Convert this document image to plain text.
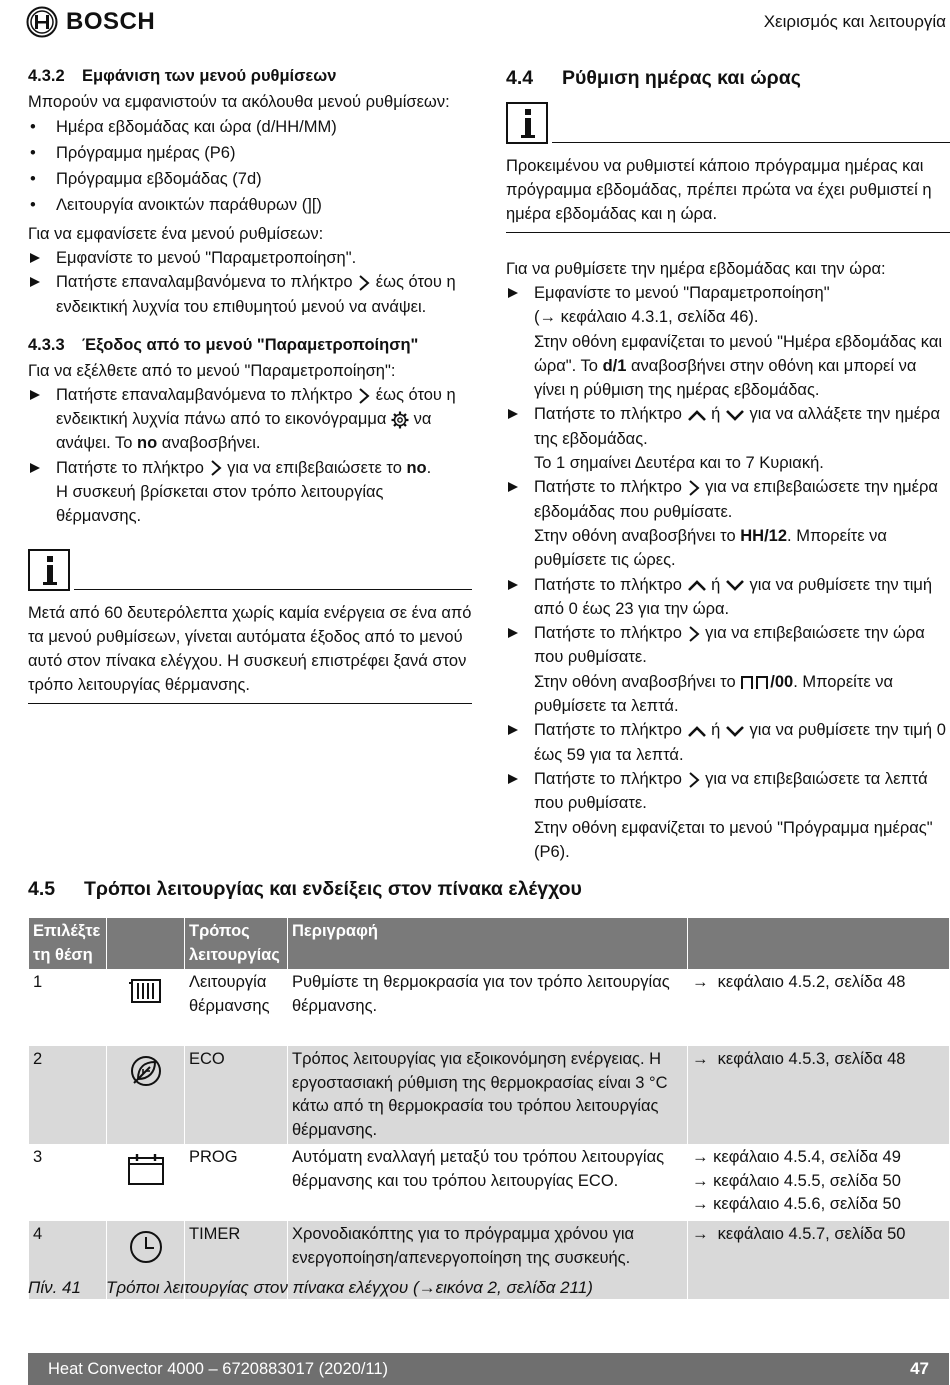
BOSCH	Χειρισμός και λειτουργία
4.3.2 Εμφάνιση των μενού ρυθμίσεων

Μπορούν να εμφανιστούν τα ακόλουθα μενού ρυθμίσεων:

• Ημέρα εβδομάδας και ώρα (d/HH/MM)
• Πρόγραμμα ημέρας (P6)
• Πρόγραμμα εβδομάδας (7d)
• Λειτουργία ανοικτών παράθυρων (][)

Για να εμφανίσετε ένα μενού ρυθμίσεων:

Εμφανίστε το μενού "Παραμετροποίηση".
Πατήστε επαναλαμβανόμενα το πλήκτρο έως ότου η ενδεικτική λυχνία του επιθυμητού μενού να ανάψει.
4.3.3 Έξοδος από το μενού "Παραμετροποίηση"

Για να εξέλθετε από το μενού "Παραμετροποίηση":

Πατήστε επαναλαμβανόμενα το πλήκτρο έως ότου η ενδεικτική λυχνία πάνω από το εικονόγραμμα να ανάψει. Το no αναβοσβήνει.
Πατήστε το πλήκτρο για να επιβεβαιώσετε το no.
Η συσκευή βρίσκεται στον τρόπο λειτουργίας θέρμανσης.

Μετά από 60 δευτερόλεπτα χωρίς καμία ενέργεια σε ένα από τα μενού ρυθμίσεων, γίνεται αυτόματα έξοδος από το μενού αυτό στον πίνακα ελέγχου. Η συσκευή επιστρέφει ξανά στον τρόπο λειτουργίας θέρμανσης.

4.4 Ρύθμιση ημέρας και ώρας

Προκειμένου να ρυθμιστεί κάποιο πρόγραμμα ημέρας και πρόγραμμα εβδομάδας, πρέπει πρώτα να έχει ρυθμιστεί η ημέρα εβδομάδας και η ώρα.

Για να ρυθμίσετε την ημέρα εβδομάδας και την ώρα:

Εμφανίστε το μενού "Παραμετροποίηση"
(→ κεφάλαιο 4.3.1, σελίδα 46).
Στην οθόνη εμφανίζεται το μενού "Ημέρα εβδομάδας και ώρα". Το d/1 αναβοσβήνει στην οθόνη και μπορεί να γίνει η ρύθμιση της ημέρας εβδομάδας.
Πατήστε το πλήκτρο ή για να αλλάξετε την ημέρα της εβδομάδας.
Το 1 σημαίνει Δευτέρα και το 7 Κυριακή.
Πατήστε το πλήκτρο για να επιβεβαιώσετε την ημέρα εβδομάδας που ρυθμίσατε.
Στην οθόνη αναβοσβήνει το HH/12. Μπορείτε να ρυθμίσετε τις ώρες.
Πατήστε το πλήκτρο ή για να ρυθμίσετε την τιμή από 0 έως 23 για την ώρα.
Πατήστε το πλήκτρο για να επιβεβαιώσετε την ώρα που ρυθμίσατε.
Στην οθόνη αναβοσβήνει το /00. Μπορείτε να ρυθμίσετε τα λεπτά.
Πατήστε το πλήκτρο ή για να ρυθμίσετε την τιμή 0 έως 59 για τα λεπτά.
Πατήστε το πλήκτρο για να επιβεβαιώσετε τα λεπτά που ρυθμίσατε.
Στην οθόνη εμφανίζεται το μενού "Πρόγραμμα ημέρας" (P6).
4.5 Τρόποι λειτουργίας και ενδείξεις στον πίνακα ελέγχου
Επιλέξτε τη θέση		Τρόπος λειτουργίας	Περιγραφή	
1		Λειτουργία θέρμανσης	Ρυθμίστε τη θερμοκρασία για τον τρόπο λειτουργίας θέρμανσης.	→ κεφάλαιο 4.5.2, σελίδα 48

2		ECO	Τρόπος λειτουργίας για εξοικονόμηση ενέργειας. Η εργοστασιακή ρύθμιση της θερμοκρασίας είναι 3 °C κάτω από τη θερμοκρασία του τρόπου λειτουργίας θέρμανσης.	→ κεφάλαιο 4.5.3, σελίδα 48

3		PROG	Αυτόματη εναλλαγή μεταξύ του τρόπου λειτουργίας θέρμανσης και του τρόπου λειτουργίας ECO.	→ κεφάλαιο 4.5.4, σελίδα 49
→ κεφάλαιο 4.5.5, σελίδα 50
→ κεφάλαιο 4.5.6, σελίδα 50

4		TIMER	Χρονοδιακόπτης για το πρόγραμμα χρόνου για ενεργοποίηση/απενεργοποίηση της συσκευής.	→ κεφάλαιο 4.5.7, σελίδα 50
Πίν. 41 Τρόποι λειτουργίας στον πίνακα ελέγχου (→εικόνα 2, σελίδα 211)
Heat Convector 4000 – 6720883017 (2020/11)	47
